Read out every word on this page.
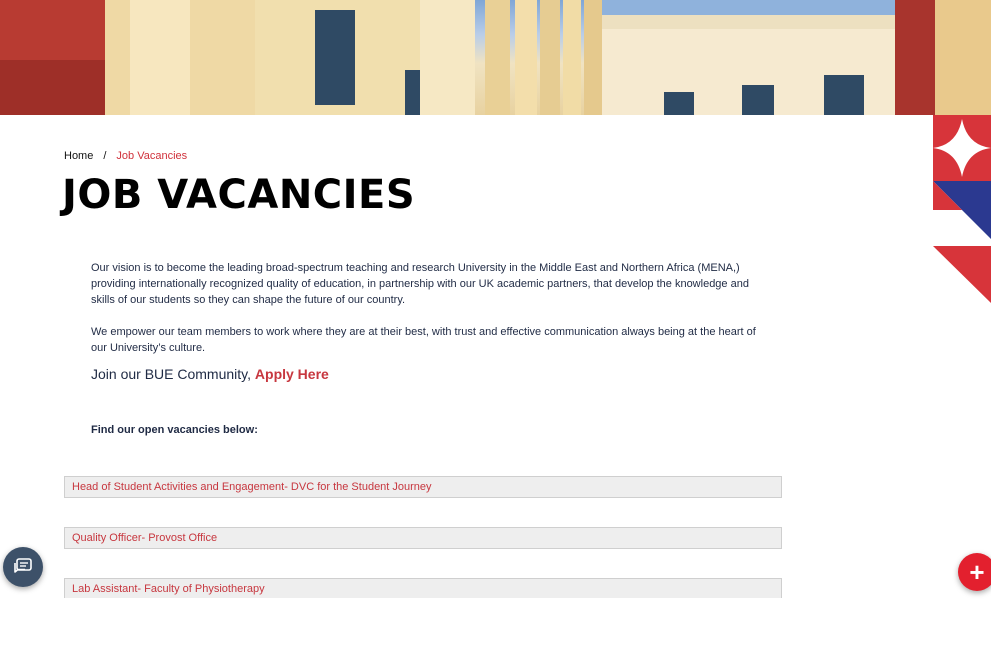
Home / Job Vacancies
JOB VACANCIES

Our vision is to become the leading broad-spectrum teaching and research University in the Middle East and Northern Africa (MENA,) providing internationally recognized quality of education, in partnership with our UK academic partners, that develop the knowledge and skills of our students so they can shape the future of our country.

We empower our team members to work where they are at their best, with trust and effective communication always being at the heart of our University’s culture.

Join our BUE Community, Apply Here
Find our open vacancies below:
Head of Student Activities and Engagement- DVC for the Student Journey
Quality Officer- Provost Office
Lab Assistant- Faculty of Physiotherapy
+
